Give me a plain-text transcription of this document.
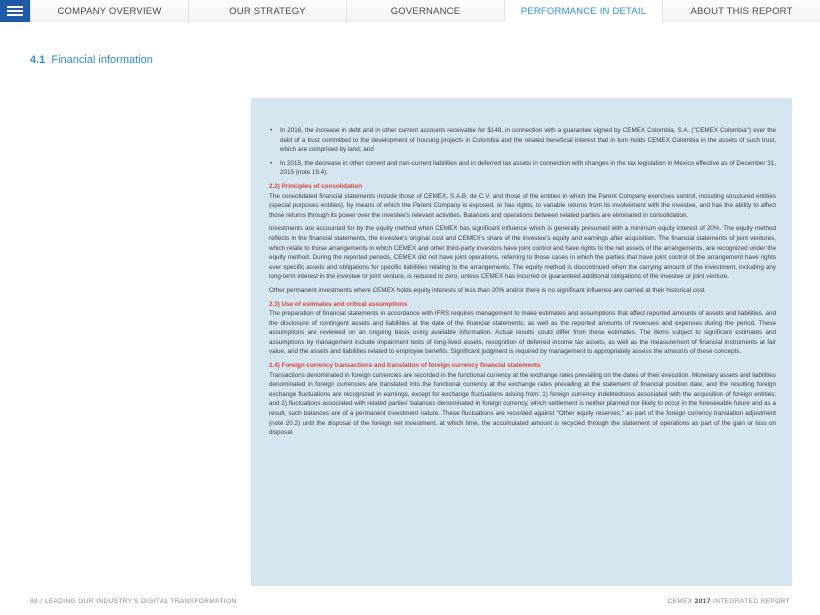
COMPANY OVERVIEW	OUR STRATEGY	GOVERNANCE	PERFORMANCE IN DETAIL	ABOUT THIS REPORT
4.1 Financial information
• In 2016, the increase in debt and in other current accounts receivable for $148, in connection with a guarantee signed by CEMEX Colombia, S.A. ("CEMEX Colombia") over the debt of a trust committed to the development of housing projects in Colombia and the related beneficial interest that in turn holds CEMEX Colombia in the assets of such trust, which are comprised by land; and
• In 2015, the decrease in other current and non-current liabilities and in deferred tax assets in connection with changes in the tax legislation in Mexico effective as of December 31, 2015 (note 19.4).
2.2) Principles of consolidation

The consolidated financial statements include those of CEMEX, S.A.B. de C.V. and those of the entities in which the Parent Company exercises control, including structured entities (special purposes entities), by means of which the Parent Company is exposed, or has rights, to variable returns from its involvement with the investee, and has the ability to affect those returns through its power over the investee's relevant activities. Balances and operations between related parties are eliminated in consolidation.

Investments are accounted for by the equity method when CEMEX has significant influence which is generally presumed with a minimum equity interest of 20%. The equity method reflects in the financial statements, the investee's original cost and CEMEX's share of the investee's equity and earnings after acquisition. The financial statements of joint ventures, which relate to those arrangements in which CEMEX and other third-party investors have joint control and have rights to the net assets of the arrangements, are recognized under the equity method. During the reported periods, CEMEX did not have joint operations, referring to those cases in which the parties that have joint control of the arrangement have rights over specific assets and obligations for specific liabilities relating to the arrangements. The equity method is discontinued when the carrying amount of the investment, including any long-term interest in the investee or joint venture, is reduced to zero, unless CEMEX has incurred or guaranteed additional obligations of the investee or joint venture.

Other permanent investments where CEMEX holds equity interests of less than 20% and/or there is no significant influence are carried at their historical cost.

2.3) Use of estimates and critical assumptions

The preparation of financial statements in accordance with IFRS requires management to make estimates and assumptions that affect reported amounts of assets and liabilities, and the disclosure of contingent assets and liabilities at the date of the financial statements; as well as the reported amounts of revenues and expenses during the period. These assumptions are reviewed on an ongoing basis using available information. Actual results could differ from these estimates. The items subject to significant estimates and assumptions by management include impairment tests of long-lived assets, recognition of deferred income tax assets, as well as the measurement of financial instruments at fair value, and the assets and liabilities related to employee benefits. Significant judgment is required by management to appropriately assess the amounts of these concepts.

2.4) Foreign currency transactions and translation of foreign currency financial statements

Transactions denominated in foreign currencies are recorded in the functional currency at the exchange rates prevailing on the dates of their execution. Monetary assets and liabilities denominated in foreign currencies are translated into the functional currency at the exchange rates prevailing at the statement of financial position date, and the resulting foreign exchange fluctuations are recognized in earnings, except for exchange fluctuations arising from: 1) foreign currency indebtedness associated with the acquisition of foreign entities; and 2) fluctuations associated with related parties' balances denominated in foreign currency, which settlement is neither planned nor likely to occur in the foreseeable future and as a result, such balances are of a permanent investment nature. These fluctuations are recorded against "Other equity reserves," as part of the foreign currency translation adjustment (note 20.2) until the disposal of the foreign net investment, at which time, the accumulated amount is recycled through the statement of operations as part of the gain or loss on disposal.

88 / LEADING OUR INDUSTRY'S DIGITAL TRANSFORMATION	CEMEX 2017 INTEGRATED REPORT
